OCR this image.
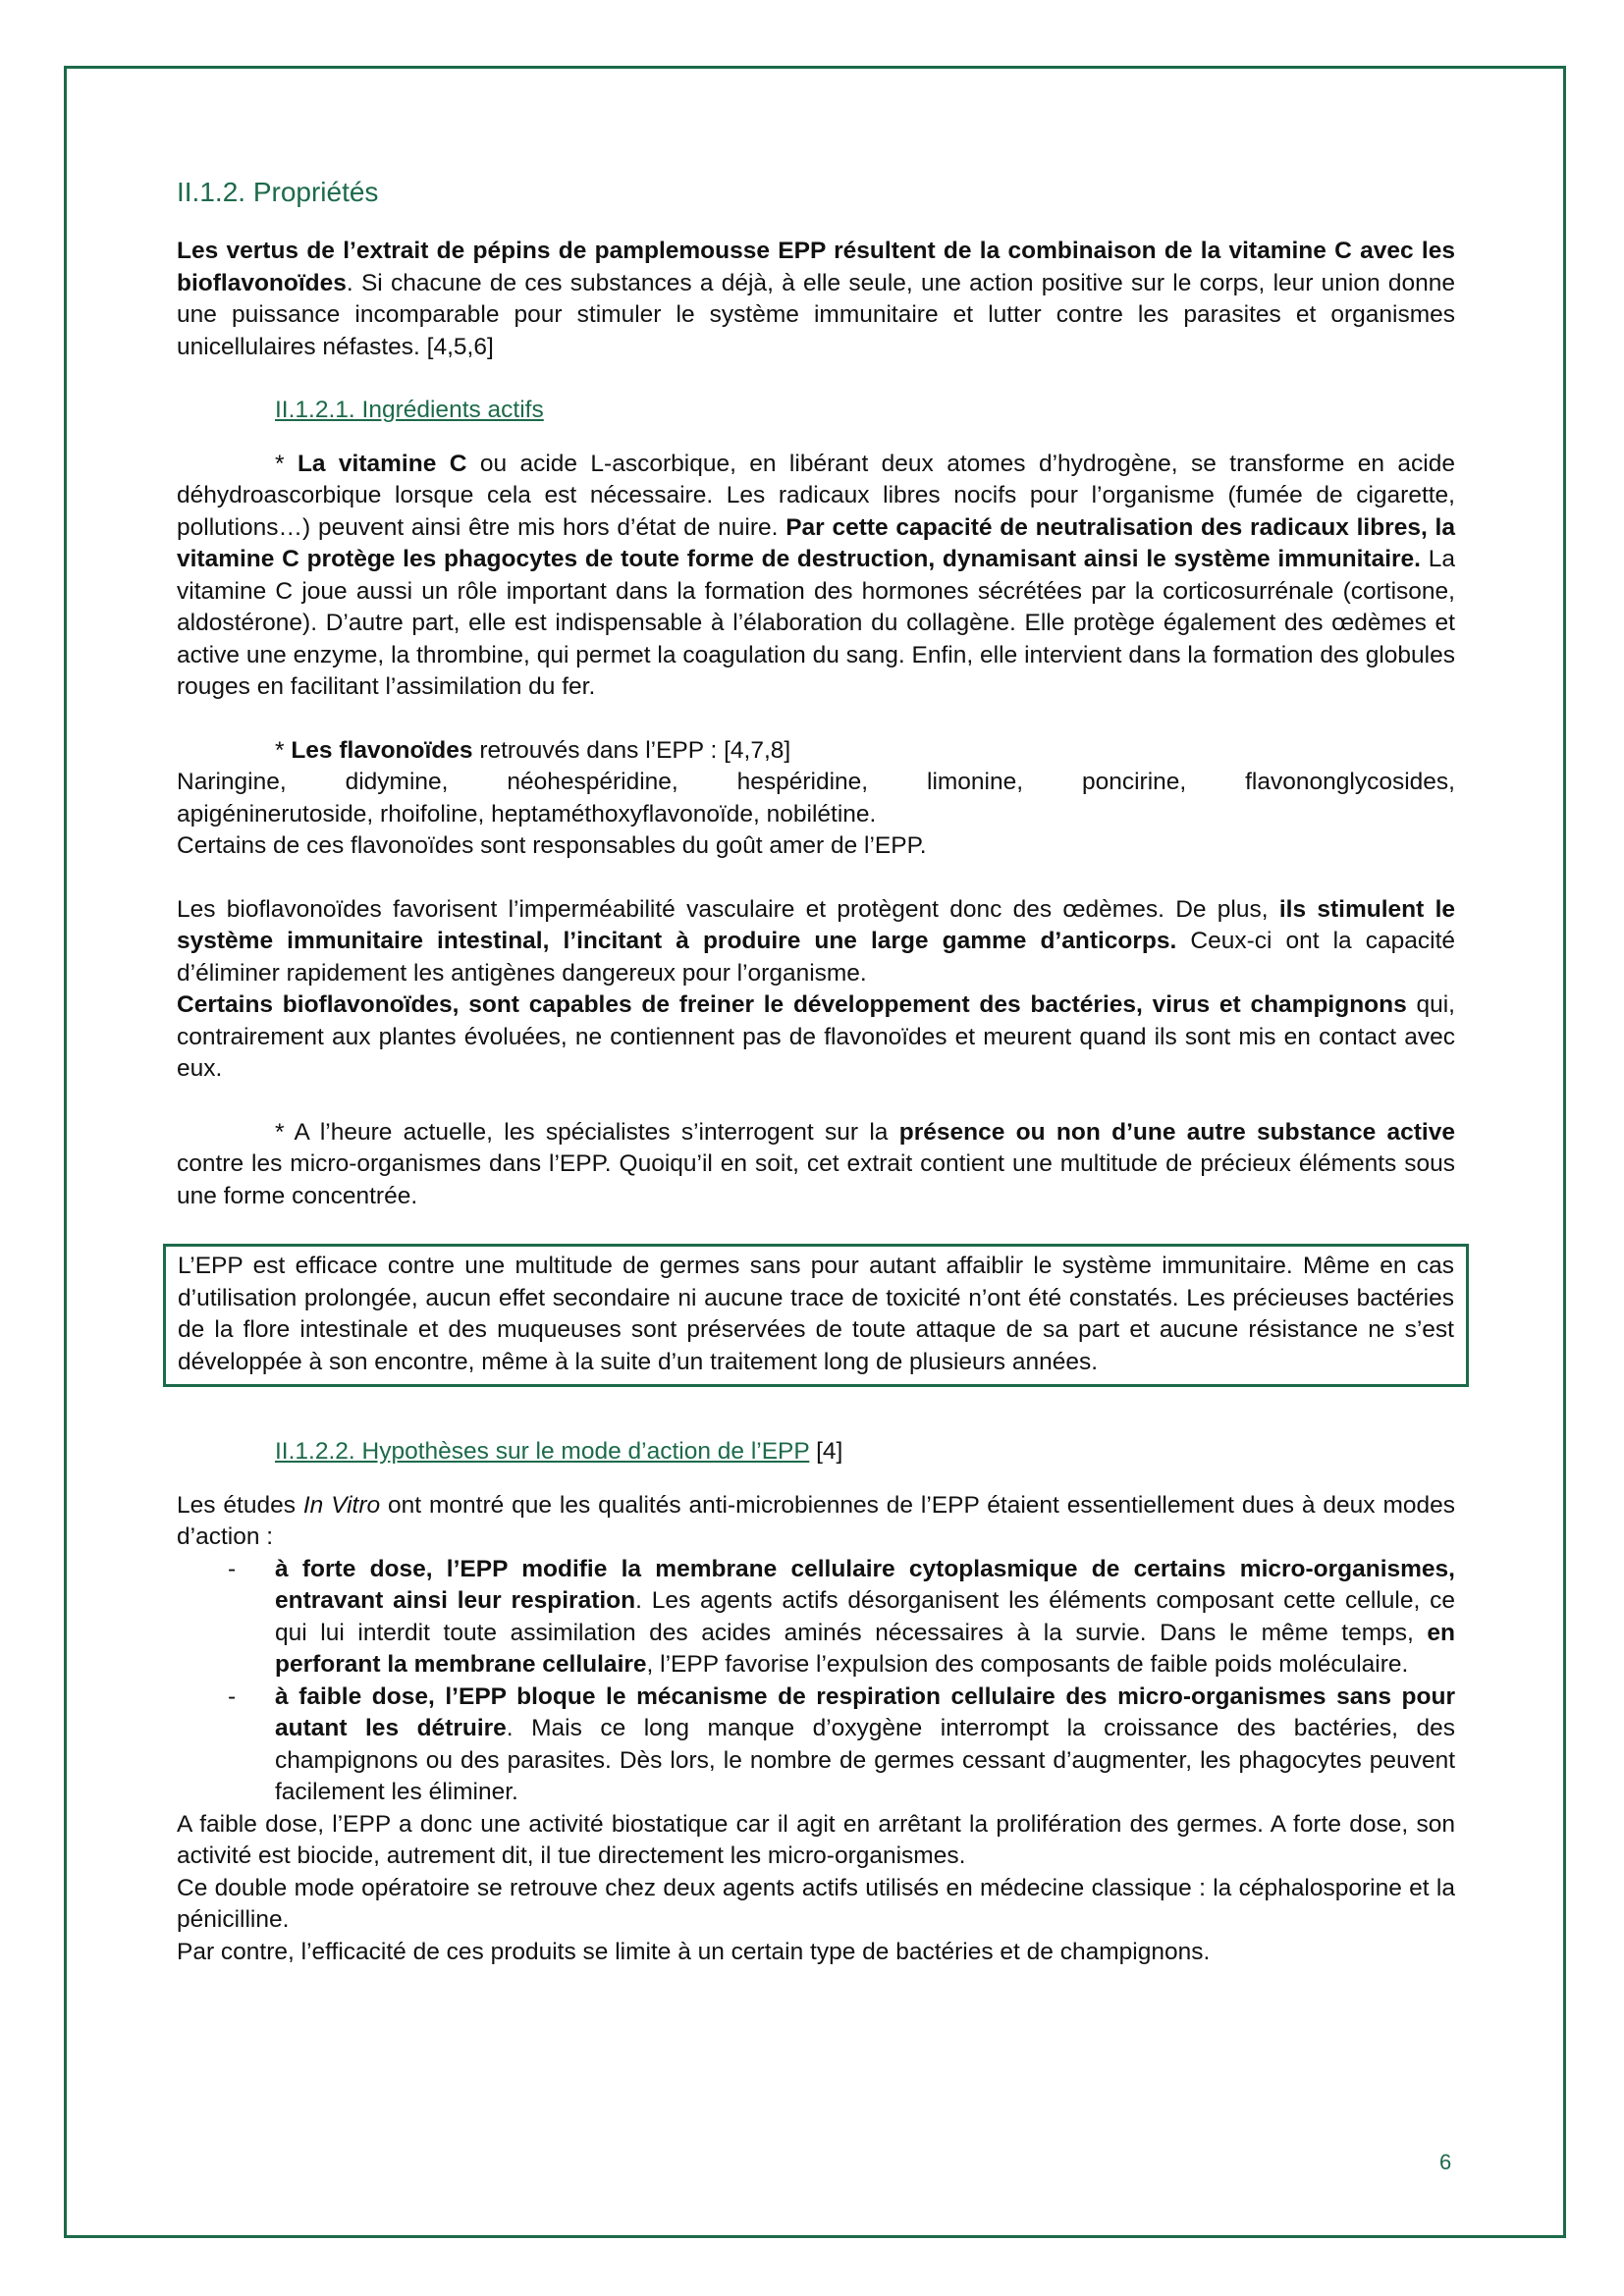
II.1.2. Propriétés

Les vertus de l’extrait de pépins de pamplemousse EPP résultent de la combinaison de la vitamine C avec les bioflavonoïdes. Si chacune de ces substances a déjà, à elle seule, une action positive sur le corps, leur union donne une puissance incomparable pour stimuler le système immunitaire et lutter contre les parasites et organismes unicellulaires néfastes. [4,5,6]

II.1.2.1. Ingrédients actifs

* La vitamine C ou acide L-ascorbique, en libérant deux atomes d’hydrogène, se transforme en acide déhydroascorbique lorsque cela est nécessaire. Les radicaux libres nocifs pour l’organisme (fumée de cigarette, pollutions…) peuvent ainsi être mis hors d’état de nuire. Par cette capacité de neutralisation des radicaux libres, la vitamine C protège les phagocytes de toute forme de destruction, dynamisant ainsi le système immunitaire. La vitamine C joue aussi un rôle important dans la formation des hormones sécrétées par la corticosurrénale (cortisone, aldostérone). D’autre part, elle est indispensable à l’élaboration du collagène. Elle protège également des œdèmes et active une enzyme, la thrombine, qui permet la coagulation du sang. Enfin, elle intervient dans la formation des globules rouges en facilitant l’assimilation du fer.

* Les flavonoïdes retrouvés dans l’EPP : [4,7,8]

Naringine, didymine, néohespéridine, hespéridine, limonine, poncirine, flavononglycosides,

apigéninerutoside, rhoifoline, heptaméthoxyflavonoïde, nobilétine.

Certains de ces flavonoïdes sont responsables du goût amer de l’EPP.

Les bioflavonoïdes favorisent l’imperméabilité vasculaire et protègent donc des œdèmes. De plus, ils stimulent le système immunitaire intestinal, l’incitant à produire une large gamme d’anticorps. Ceux-ci ont la capacité d’éliminer rapidement les antigènes dangereux pour l’organisme.

Certains bioflavonoïdes, sont capables de freiner le développement des bactéries, virus et champignons qui, contrairement aux plantes évoluées, ne contiennent pas de flavonoïdes et meurent quand ils sont mis en contact avec eux.

* A l’heure actuelle, les spécialistes s’interrogent sur la présence ou non d’une autre substance active contre les micro-organismes dans l’EPP. Quoiqu’il en soit, cet extrait contient une multitude de précieux éléments sous une forme concentrée.

L’EPP est efficace contre une multitude de germes sans pour autant affaiblir le système immunitaire. Même en cas d’utilisation prolongée, aucun effet secondaire ni aucune trace de toxicité n’ont été constatés. Les précieuses bactéries de la flore intestinale et des muqueuses sont préservées de toute attaque de sa part et aucune résistance ne s’est développée à son encontre, même à la suite d’un traitement long de plusieurs années.

II.1.2.2. Hypothèses sur le mode d’action de l’EPP [4]

Les études In Vitro ont montré que les qualités anti-microbiennes de l’EPP étaient essentiellement dues à deux modes d’action :

- à forte dose, l’EPP modifie la membrane cellulaire cytoplasmique de certains micro-organismes, entravant ainsi leur respiration. Les agents actifs désorganisent les éléments composant cette cellule, ce qui lui interdit toute assimilation des acides aminés nécessaires à la survie. Dans le même temps, en perforant la membrane cellulaire, l’EPP favorise l’expulsion des composants de faible poids moléculaire.
- à faible dose, l’EPP bloque le mécanisme de respiration cellulaire des micro-organismes sans pour autant les détruire. Mais ce long manque d’oxygène interrompt la croissance des bactéries, des champignons ou des parasites. Dès lors, le nombre de germes cessant d’augmenter, les phagocytes peuvent facilement les éliminer.

A faible dose, l’EPP a donc une activité biostatique car il agit en arrêtant la prolifération des germes. A forte dose, son activité est biocide, autrement dit, il tue directement les micro-organismes.

Ce double mode opératoire se retrouve chez deux agents actifs utilisés en médecine classique : la céphalosporine et la pénicilline.

Par contre, l’efficacité de ces produits se limite à un certain type de bactéries et de champignons.

6
